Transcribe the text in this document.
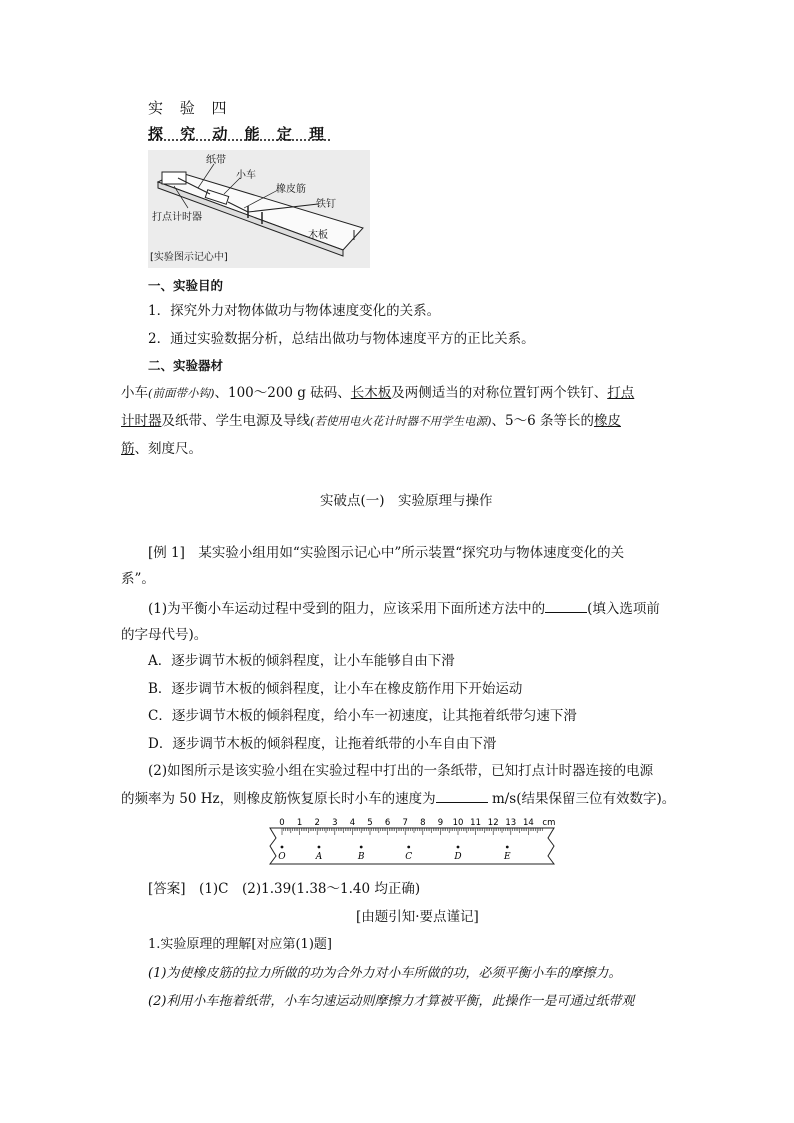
实 验 四
探 究 动 能 定 理
纸带
小车
橡皮筋
铁钉
打点计时器
木板
[实验图示记心中]
一、实验目的
1．探究外力对物体做功与物体速度变化的关系。
2．通过实验数据分析，总结出做功与物体速度平方的正比关系。
二、实验器材
小车(前面带小钩)、100～200 g 砝码、长木板及两侧适当的对称位置钉两个铁钉、打点
计时器及纸带、学生电源及导线(若使用电火花计时器不用学生电源)、5～6 条等长的橡皮
筋、刻度尺。
实破点(一)　实验原理与操作
[例 1]　某实验小组用如“实验图示记心中”所示装置“探究功与物体速度变化的关
系”。
(1)为平衡小车运动过程中受到的阻力，应该采用下面所述方法中的	(填入选项前
的字母代号)。
A．逐步调节木板的倾斜程度，让小车能够自由下滑
B．逐步调节木板的倾斜程度，让小车在橡皮筋作用下开始运动
C．逐步调节木板的倾斜程度，给小车一初速度，让其拖着纸带匀速下滑
D．逐步调节木板的倾斜程度，让拖着纸带的小车自由下滑
(2)如图所示是该实验小组在实验过程中打出的一条纸带，已知打点计时器连接的电源
的频率为 50 Hz，则橡皮筋恢复原长时小车的速度为	m/s(结果保留三位有效数字)。
0 1 2 3 4 5 6 7 8 9 10 11 12 13 14 cm
O	A	B	C	D	E
[答案]　 (1)C　(2)1.39(1.38～1.40 均正确)
[由题引知·要点谨记]
1.实验原理的理解[对应第(1)题]
(1)为使橡皮筋的拉力所做的功为合外力对小车所做的功，必须平衡小车的摩擦力。
(2)利用小车拖着纸带，小车匀速运动则摩擦力才算被平衡，此操作一是可通过纸带观
